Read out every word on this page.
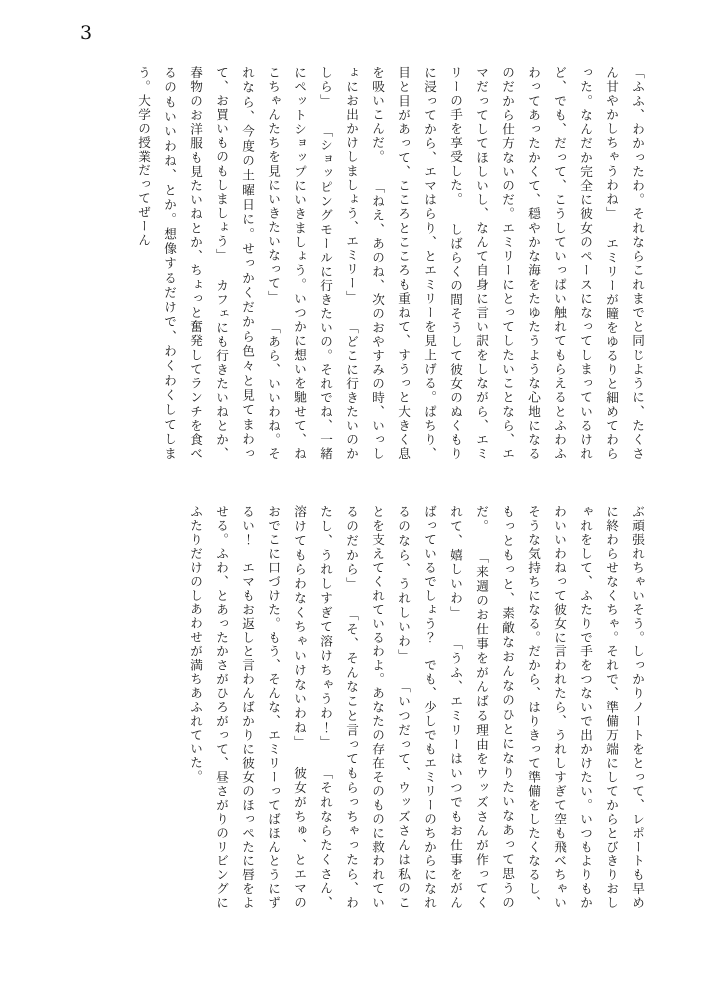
3

「ふふ、わかったわ。それならこれまでと同じように、たくさん甘やかしちゃうわね」 エミリーが瞳をゆるりと細めてわらった。なんだか完全に彼女のペースになってしまっているけれど、でも、だって、こうしていっぱい触れてもらえるとふわふわってあったかくて、穏やかな海をたゆたうような心地になるのだから仕方ないのだ。エミリーにとってしたいことなら、エマだってしてほしいし、なんて自身に言い訳をしながら、エミリーの手を享受した。 しばらくの間そうして彼女のぬくもりに浸ってから、エマはらり、とエミリーを見上げる。ぱちり、目と目があって、こころとこころも重ねて、すうっと大きく息を吸いこんだ。 「ねえ、あのね、次のおやすみの時、いっしょにお出かけしましょう、エミリー」 「どこに行きたいのかしら」 「ショッピングモールに行きたいの。それでね、一緒にペットショップにいきましょう。いつかに想いを馳せて、ねこちゃんたちを見にいきたいなって」 「あら、いいわね。それなら、今度の土曜日に。せっかくだから色々と見てまわって、お買いものもしましょう」 カフェにも行きたいねとか、春物のお洋服も見たいねとか、ちょっと奮発してランチを食べるのもいいわね、とか。想像するだけで、わくわくしてしまう。大学の授業だってぜーん

ぶ頑張れちゃいそう。しっかりノートをとって、レポートも早めに終わらせなくちゃ。それで、準備万端にしてからとびきりおしゃれをして、ふたりで手をつないで出かけたい。いつもよりもかわいいわねって彼女に言われたら、うれしすぎて空も飛べちゃいそうな気持ちになる。だから、はりきって準備をしたくなるし、もっともっと、素敵なおんなのひとになりたいなあって思うのだ。 「来週のお仕事をがんばる理由をウッズさんが作ってくれて、嬉しいわ」 「うふ、エミリーはいつでもお仕事をがんばっているでしょう？　でも、少しでもエミリーのちからになれるのなら、うれしいわ」 「いつだって、ウッズさんは私のことを支えてくれているわよ。あなたの存在そのものに救われているのだから」 「そ、そんなこと言ってもらっちゃったら、わたし、うれしすぎて溶けちゃうわ！」 「それならたくさん、溶けてもらわなくちゃいけないわね」 彼女がちゅ、とエマのおでこに口づけた。もう、そんな、エミリーってばほんとうにずるい！　エマもお返しと言わんばかりに彼女のほっぺたに唇をよせる。ふわ、とあったかさがひろがって、昼さがりのリビングにふたりだけのしあわせが満ちあふれていた。
